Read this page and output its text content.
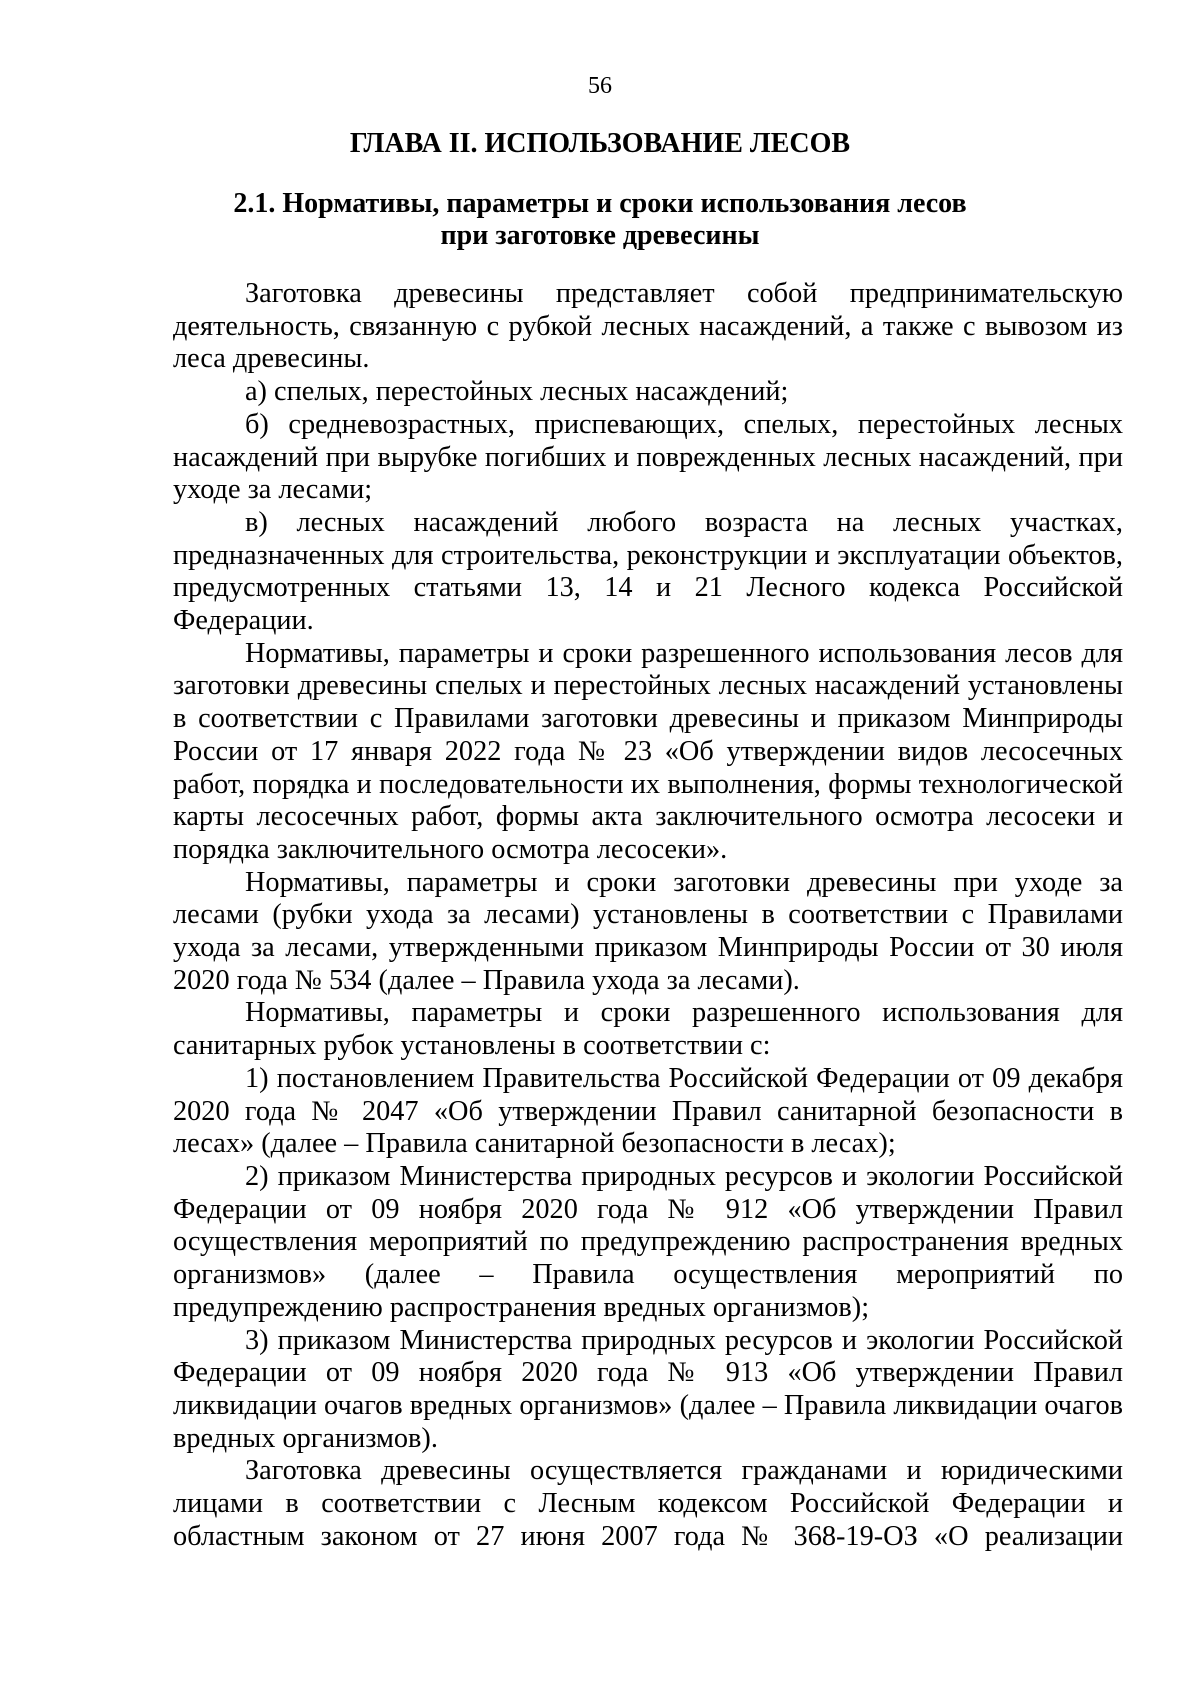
56
ГЛАВА II. ИСПОЛЬЗОВАНИЕ ЛЕСОВ
2.1. Нормативы, параметры и сроки использования лесов
при заготовке древесины

Заготовка древесины представляет собой предпринимательскую деятельность, связанную с рубкой лесных насаждений, а также с вывозом из леса древесины.

а) спелых, перестойных лесных насаждений;

б) средневозрастных, приспевающих, спелых, перестойных лесных насаждений при вырубке погибших и поврежденных лесных насаждений, при уходе за лесами;

в) лесных насаждений любого возраста на лесных участках, предназначенных для строительства, реконструкции и эксплуатации объектов, предусмотренных статьями 13, 14 и 21 Лесного кодекса Российской Федерации.

Нормативы, параметры и сроки разрешенного использования лесов для заготовки древесины спелых и перестойных лесных насаждений установлены в соответствии с Правилами заготовки древесины и приказом Минприроды России от 17 января 2022 года № 23 «Об утверждении видов лесосечных работ, порядка и последовательности их выполнения, формы технологической карты лесосечных работ, формы акта заключительного осмотра лесосеки и порядка заключительного осмотра лесосеки».

Нормативы, параметры и сроки заготовки древесины при уходе за лесами (рубки ухода за лесами) установлены в соответствии с Правилами ухода за лесами, утвержденными приказом Минприроды России от 30 июля 2020 года № 534 (далее – Правила ухода за лесами).

Нормативы, параметры и сроки разрешенного использования для санитарных рубок установлены в соответствии с:

1) постановлением Правительства Российской Федерации от 09 декабря 2020 года № 2047 «Об утверждении Правил санитарной безопасности в лесах» (далее – Правила санитарной безопасности в лесах);

2) приказом Министерства природных ресурсов и экологии Российской Федерации от 09 ноября 2020 года № 912 «Об утверждении Правил осуществления мероприятий по предупреждению распространения вредных организмов» (далее – Правила осуществления мероприятий по предупреждению распространения вредных организмов);

3) приказом Министерства природных ресурсов и экологии Российской Федерации от 09 ноября 2020 года № 913 «Об утверждении Правил ликвидации очагов вредных организмов» (далее – Правила ликвидации очагов вредных организмов).

Заготовка древесины осуществляется гражданами и юридическими лицами в соответствии с Лесным кодексом Российской Федерации и областным законом от 27 июня 2007 года № 368-19-ОЗ «О реализации
